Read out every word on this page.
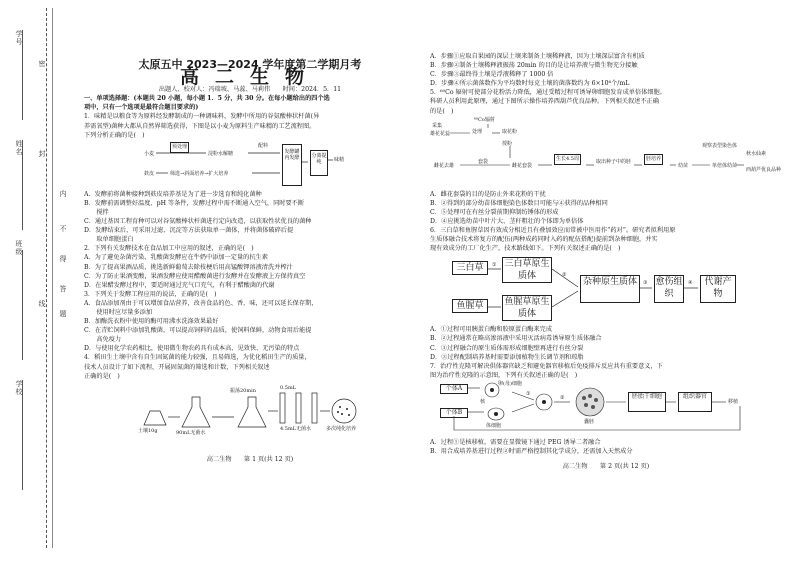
学号
姓名
班级
学校
密
封
线
内
不
得
答
题
太原五中 2023—2024 学年度第二学期月考
高二生物

出题人、校对人：冯瑞坡、马蕊、马莉伟　　时间：2024．5．11

一、单项选择题：(本题共 20 小题，每小题 1．5 分，共 30 分。在每小题给出的四个选

项中，只有一个选项是最符合题目要求的)

1．味精是以粮食等为原料经发酵制成的一种调味料，发酵中所用的谷氨酸棒状杆菌(异

养需氧型)菌种大都从自然界筛选获得，下图是以小麦为原料生产味精的工艺流程图。

下列分析正确的是(　)

小麦
预处理
淀粉水解糖
配料
麸皮	筛选→斜面培养→扩大培养
发酵罐内发酵	分离提纯	味精

A．发酵前将菌种接种到麸皮培养基是为了进一步选育和纯化菌种

B．发酵前需调整好温度、pH 等条件，发酵过程中需不断通入空气，同时要不断

　　搅拌

C．通过基因工程育种可以对谷氨酸棒状杆菌进行定向改造，以获取性状优良的菌种

D．发酵结束后，可采用过滤、沉淀等方法获取单一菌体，并将菌体破碎后提

　　取单细胞蛋白

2．下列有关发酵技术在食品加工中应用的叙述，正确的是(　)

A．为了避免杂菌污染，乳酸菌发酵应在牛奶中添加一定量的抗生素

B．为了提高果酒品质，挑选新鲜葡萄去除枝梗后用高锰酸钾溶液清洗并榨汁

C．为了防止果酒变酸，果酒发酵应使用醋酸菌进行发酵并在发酵液上方保持真空

D．在果醋发酵过程中，要适时通过充气口充气，有利于醋酸菌的代谢

3．下列关于发酵工程应用的说法，正确的是(　)

A．食品添加剂由于可以增加食品营养，改善食品的色、香、味，还可以延长保存期，

　　使用时应尽量多添加

B．加酶洗衣粉中使用的酶可用沸水洗涤效果最好

C．在青贮饲料中添加乳酸菌，可以提高饲料的品质，使饲料保鲜，动物食用后能提

　　高免疫力

D．与使用化学农药相比，使用微生物农药具有成本高、见效快、无污染的特点

4．稻田生土壤中含有自生固氮菌的能力较强，且易筛选，为优化稻田生产的质量，

技术人员设计了如下流程，开展固氮菌的筛选和计数，下列相关叙述

正确的是(　)

土壤10g	90mL无菌水
振荡20min	0.5mL
4.5mL无菌水	多次纯化培养

高二生物　　第 1 页(共 12 页)

A．步骤①应取自果园的深层土壤来制备土壤稀释液，因为土壤深层富含有机质

B．步骤②制备土壤稀释液振荡 20min 的目的是让培养液与微生物充分接触

C．步骤③最终得土壤是浮液稀释了 1000 倍

D．步骤④所示菌落数作为平均数时每克土壤的菌落数约为 6×10⁶个/mL

5．⁶⁰Co 辐射可使部分花粉活力降低，通过受精过程可诱导卵细胞发育成单倍体细胞。

科研人员利用此原理，通过下图所示操作培养西葫芦优良品种。下列相关叙述不正确

的是(　)

采集
雄花花蕊
⁶⁰Co辐射
处理	取花粉
授粉
雌花去雄
套袋
雌花套袋
生长4.5周	取出种子中的胚	胚培养
幼苗
观察表型染色体
单倍体幼苗
秋水仙素
西葫芦优良品种

A．雌花套袋的目的是防止外来花粉的干扰

B．②得到的部分幼苗体细胞染色体数目可能与④获得的品种相同

C．⑤处理可在有丝分裂前期抑制纺锤体的形成

D．④应挑选幼苗中叶片大、茎秆粗壮的个体即为单倍体

6．三白草和鱼腥草因有效成分相近且有叠加效应而常被中医用作“药对”。研究者拟利用原

生质体融合技术将复方的配伍(两种成药同时入药的配伍搭配)提前到杂种细胞，并实

现有效成分的工厂化生产，技术路线如下。下列有关叙述正确的是(　)

三白草	三白草原生质体
鱼腥草	鱼腥草原生质体
杂种原生质体	愈伤组织
代谢产物
①
②
③	④

A．①过程可用胰蛋白酶和胶原蛋白酶来完成

B．②过程通常在略高渗溶液中采用灭活病毒诱导原生质体融合

C．③过程融合的原生质体需形成细胞壁再进行有丝分裂

D．③过程配制培养基时需要添加植物生长调节剂和琼脂

7．治疗性克隆可解决供体器官缺乏和避免器官移植后免疫排斥反应共有重要意义，下

图为治疗性克隆的示意图，下列有关叙述正确的是(　)

个体A
个体B
核
卵(母)细胞
体细胞
①
②
囊胚
胚胎干细胞	组织器官
移植

A．过程①是核移植，需要在显微镜下通过 PEG 诱导二者融合

B．用合成培养基进行过程②时需严格控制其化学成分，还需加入天然成分

高二生物　　第 2 页(共 12 页)
